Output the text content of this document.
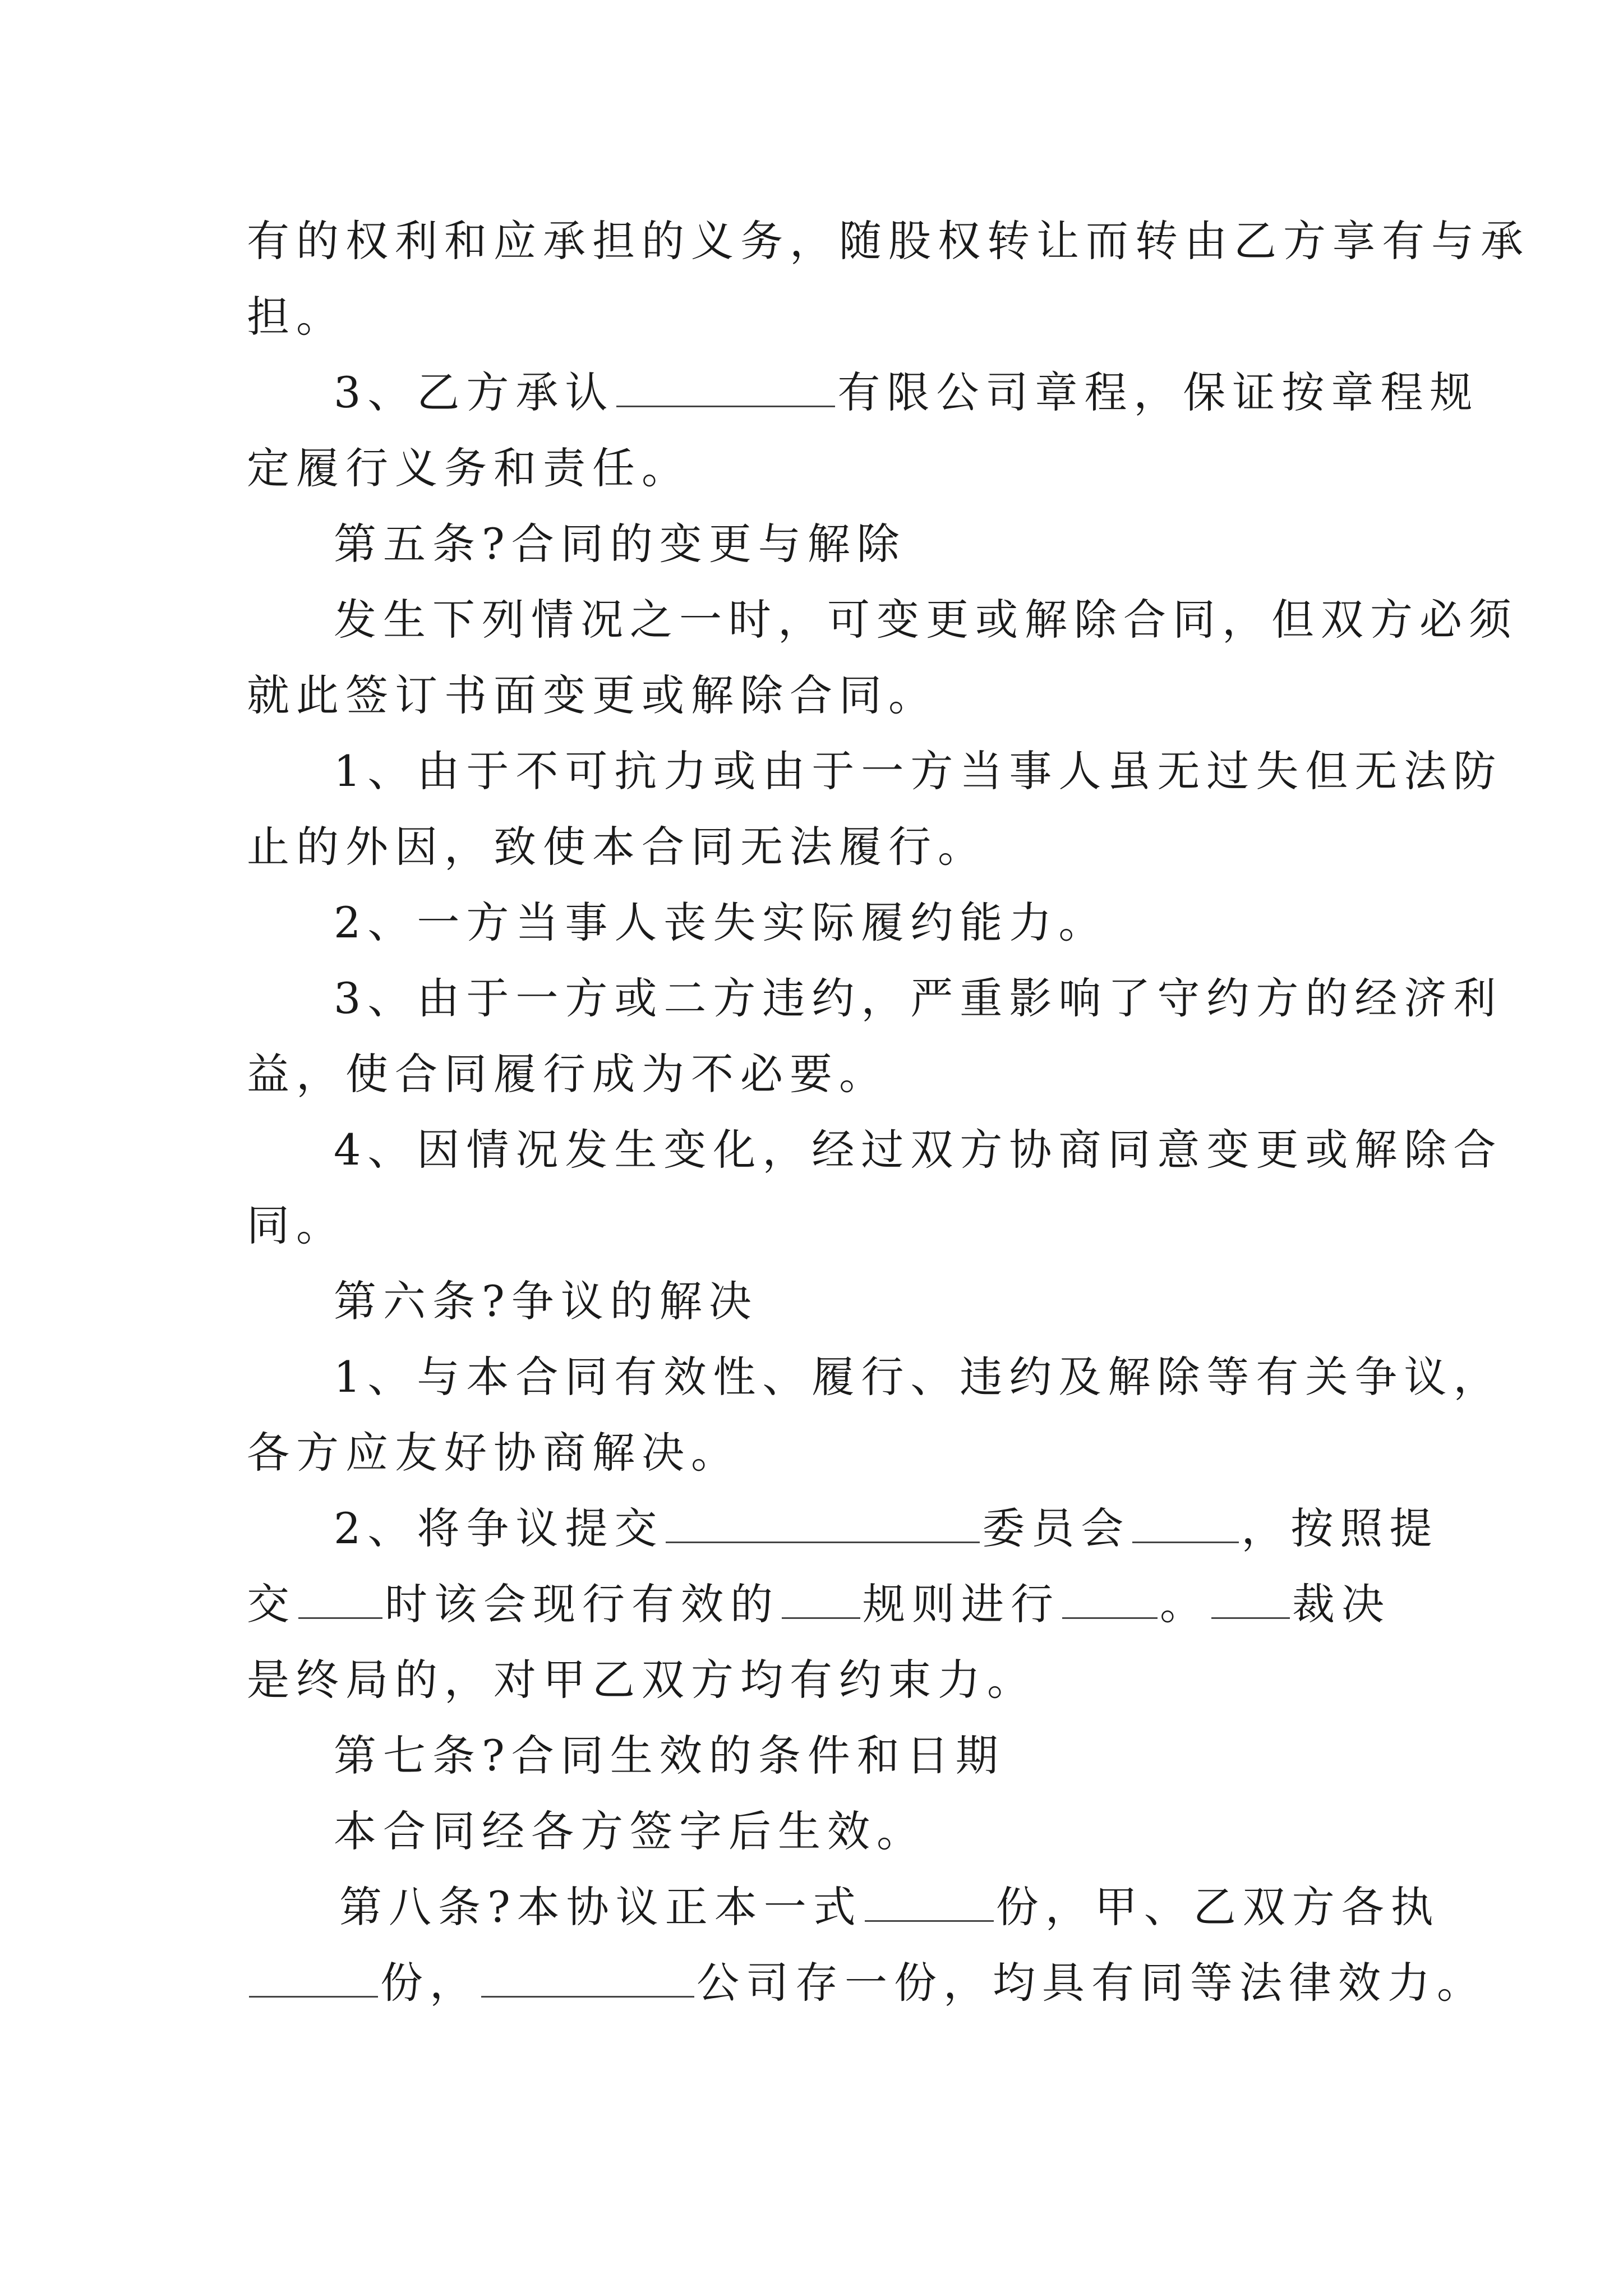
有的权利和应承担的义务，随股权转让而转由乙方享有与承
担。
3、乙方承认	有限公司章程，保证按章程规
定履行义务和责任。
第五条?合同的变更与解除
发生下列情况之一时，可变更或解除合同，但双方必须
就此签订书面变更或解除合同。
1、由于不可抗力或由于一方当事人虽无过失但无法防
止的外因，致使本合同无法履行。
2、一方当事人丧失实际履约能力。
3、由于一方或二方违约，严重影响了守约方的经济利
益，使合同履行成为不必要。
4、因情况发生变化，经过双方协商同意变更或解除合
同。
第六条?争议的解决
1、与本合同有效性、履行、违约及解除等有关争议，
各方应友好协商解决。
2、将争议提交	委员会	，按照提
交 时该会现行有效的 规则进行 。 裁决
是终局的，对甲乙双方均有约束力。
第七条?合同生效的条件和日期
本合同经各方签字后生效。
第八条?本协议正本一式	份，甲、乙双方各执
份，	公司存一份，均具有同等法律效力。
